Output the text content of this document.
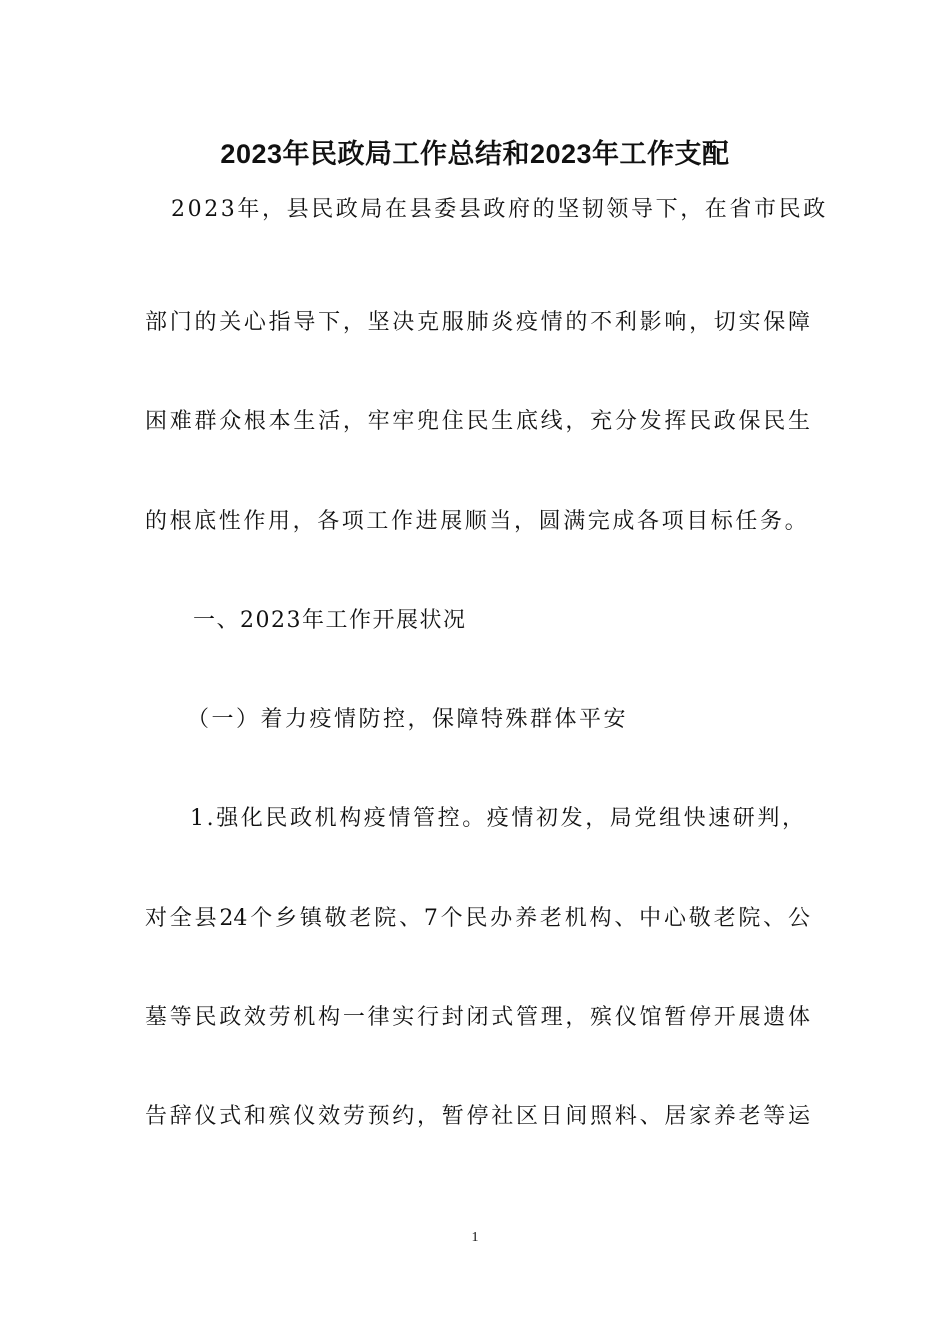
2023年民政局工作总结和2023年工作支配
2023年，县民政局在县委县政府的坚韧领导下，在省市民政
部门的关心指导下，坚决克服肺炎疫情的不利影响，切实保障
困难群众根本生活，牢牢兜住民生底线，充分发挥民政保民生
的根底性作用，各项工作进展顺当，圆满完成各项目标任务。
一、2023年工作开展状况
（一）着力疫情防控，保障特殊群体平安
1.强化民政机构疫情管控。疫情初发，局党组快速研判，
对全县24个乡镇敬老院、7个民办养老机构、中心敬老院、公
墓等民政效劳机构一律实行封闭式管理，殡仪馆暂停开展遗体
告辞仪式和殡仪效劳预约，暂停社区日间照料、居家养老等运
1
